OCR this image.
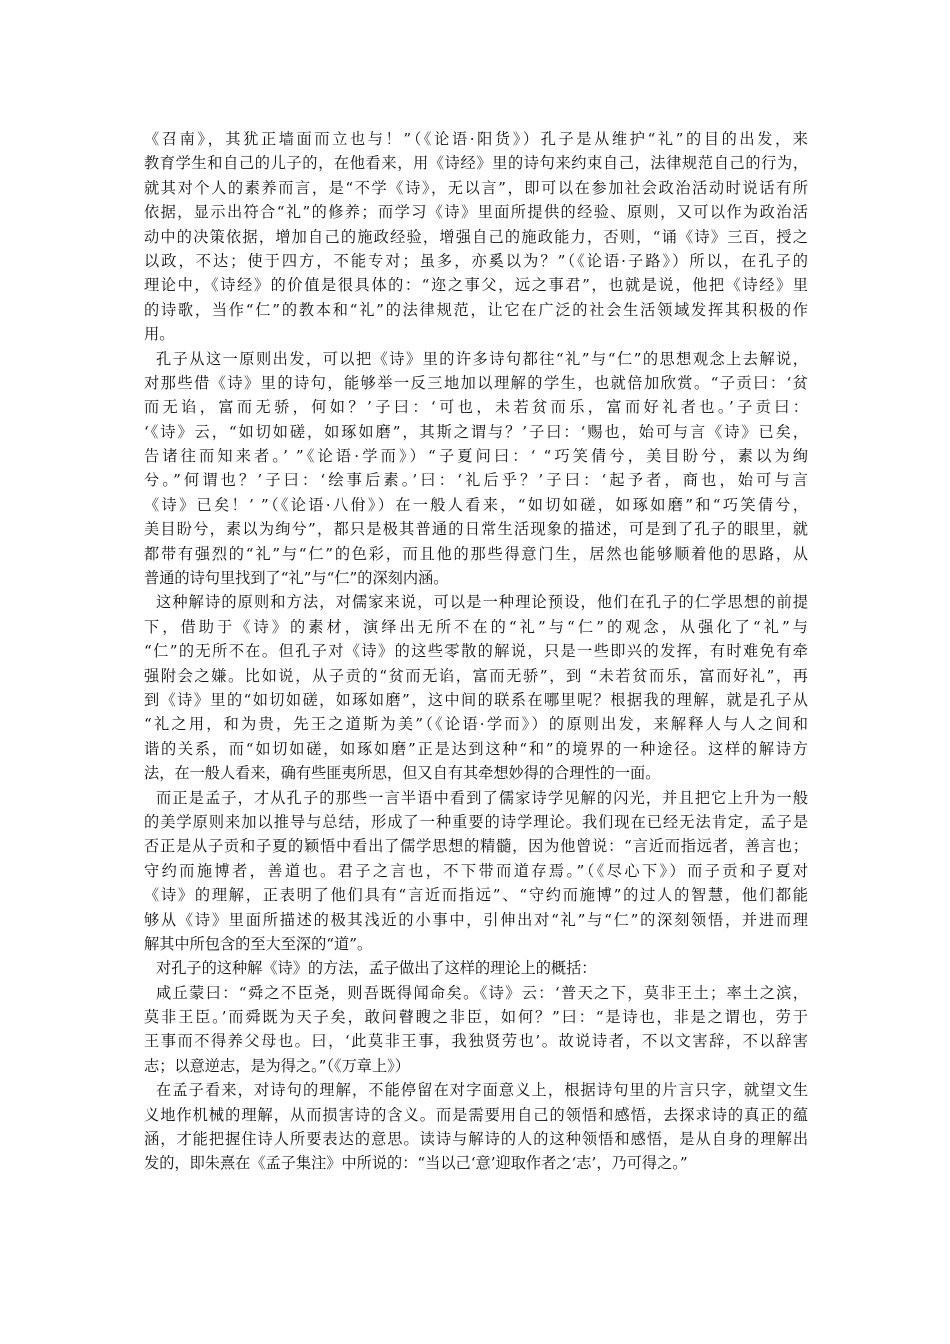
《召南》，其犹正墙面而立也与！”（《论语·阳货》）孔子是从维护“礼”的目的出发，来
教育学生和自己的儿子的，在他看来，用《诗经》里的诗句来约束自己，法律规范自己的行为，
就其对个人的素养而言，是“不学《诗》，无以言”，即可以在参加社会政治活动时说话有所
依据，显示出符合“礼”的修养；而学习《诗》里面所提供的经验、原则，又可以作为政治活
动中的决策依据，增加自己的施政经验，增强自己的施政能力，否则，“诵《诗》三百，授之
以政，不达；使于四方，不能专对；虽多，亦奚以为？”（《论语·子路》）所以，在孔子的
理论中，《诗经》的价值是很具体的：“迩之事父，远之事君”，也就是说，他把《诗经》里
的诗歌，当作“仁”的教本和“礼”的法律规范，让它在广泛的社会生活领域发挥其积极的作
用。
孔子从这一原则出发，可以把《诗》里的许多诗句都往“礼”与“仁”的思想观念上去解说，
对那些借《诗》里的诗句，能够举一反三地加以理解的学生，也就倍加欣赏。“子贡曰：‘贫
而无谄，富而无骄，何如？’子曰：‘可也，未若贫而乐，富而好礼者也。’子贡曰：
‘《诗》云，“如切如磋，如琢如磨”，其斯之谓与？’子曰：‘赐也，始可与言《诗》已矣，
告诸往而知来者。’ ”《论语·学而》）“子夏问曰：‘ “巧笑倩兮，美目盼兮，素以为绚
兮。”何谓也？’子曰：‘绘事后素。’曰：‘礼后乎？’子曰：‘起予者，商也，始可与言
《诗》已矣！’ ”（《论语·八佾》）在一般人看来，“如切如磋，如琢如磨”和“巧笑倩兮，
美目盼兮，素以为绚兮”，都只是极其普通的日常生活现象的描述，可是到了孔子的眼里，就
都带有强烈的“礼”与“仁”的色彩，而且他的那些得意门生，居然也能够顺着他的思路，从
普通的诗句里找到了“礼”与“仁”的深刻内涵。
这种解诗的原则和方法，对儒家来说，可以是一种理论预设，他们在孔子的仁学思想的前提
下，借助于《诗》的素材，演绎出无所不在的“礼”与“仁”的观念，从强化了“礼”与
“仁”的无所不在。但孔子对《诗》的这些零散的解说，只是一些即兴的发挥，有时难免有牵
强附会之嫌。比如说，从子贡的“贫而无谄，富而无骄”，到 “未若贫而乐，富而好礼”，再
到《诗》里的“如切如磋，如琢如磨”，这中间的联系在哪里呢？根据我的理解，就是孔子从
“礼之用，和为贵，先王之道斯为美”（《论语·学而》）的原则出发，来解释人与人之间和
谐的关系，而“如切如磋，如琢如磨”正是达到这种“和”的境界的一种途径。这样的解诗方
法，在一般人看来，确有些匪夷所思，但又自有其牵想妙得的合理性的一面。
而正是孟子，才从孔子的那些一言半语中看到了儒家诗学见解的闪光，并且把它上升为一般
的美学原则来加以推导与总结，形成了一种重要的诗学理论。我们现在已经无法肯定，孟子是
否正是从子贡和子夏的颖悟中看出了儒学思想的精髓，因为他曾说：“言近而指远者，善言也；
守约而施博者，善道也。君子之言也，不下带而道存焉。”（《尽心下》）而子贡和子夏对
《诗》的理解，正表明了他们具有“言近而指远”、“守约而施博”的过人的智慧，他们都能
够从《诗》里面所描述的极其浅近的小事中，引伸出对“礼”与“仁”的深刻领悟，并进而理
解其中所包含的至大至深的“道”。
对孔子的这种解《诗》的方法，孟子做出了这样的理论上的概括：
咸丘蒙曰：“舜之不臣尧，则吾既得闻命矣。《诗》云：‘普天之下，莫非王土；率土之滨，
莫非王臣。’而舜既为天子矣，敢问瞽瞍之非臣，如何？”曰：“是诗也，非是之谓也，劳于
王事而不得养父母也。曰，‘此莫非王事，我独贤劳也’。故说诗者，不以文害辞，不以辞害
志；以意逆志，是为得之。”（《万章上》）
在孟子看来，对诗句的理解，不能停留在对字面意义上，根据诗句里的片言只字，就望文生
义地作机械的理解，从而损害诗的含义。而是需要用自己的领悟和感悟，去探求诗的真正的蕴
涵，才能把握住诗人所要表达的意思。读诗与解诗的人的这种领悟和感悟，是从自身的理解出
发的，即朱熹在《孟子集注》中所说的：“当以己‘意’迎取作者之‘志’，乃可得之。”
